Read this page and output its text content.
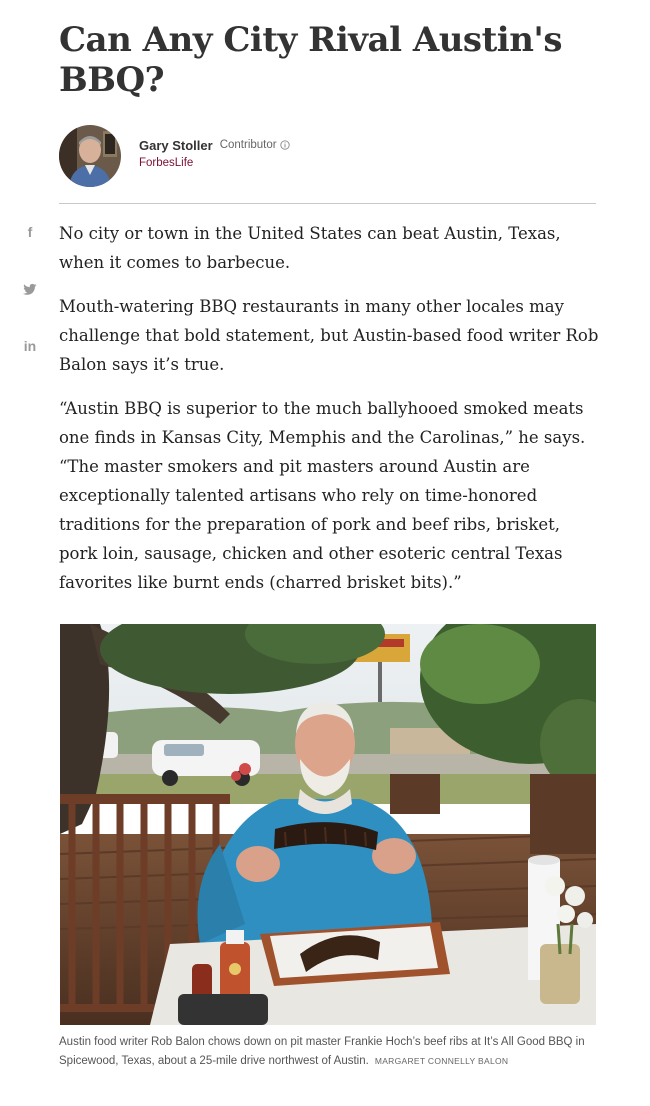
Can Any City Rival Austin's BBQ?
Gary Stoller Contributor
ForbesLife
f
in

No city or town in the United States can beat Austin, Texas, when it comes to barbecue.

Mouth-watering BBQ restaurants in many other locales may challenge that bold statement, but Austin-based food writer Rob Balon says it’s true.

“Austin BBQ is superior to the much ballyhooed smoked meats one finds in Kansas City, Memphis and the Carolinas,” he says. “The master smokers and pit masters around Austin are exceptionally talented artisans who rely on time-honored traditions for the preparation of pork and beef ribs, brisket, pork loin, sausage, chicken and other esoteric central Texas favorites like burnt ends (charred brisket bits).”

Austin food writer Rob Balon chows down on pit master Frankie Hoch’s beef ribs at It’s All Good BBQ in Spicewood, Texas, about a 25-mile drive northwest of Austin. MARGARET CONNELLY BALON
